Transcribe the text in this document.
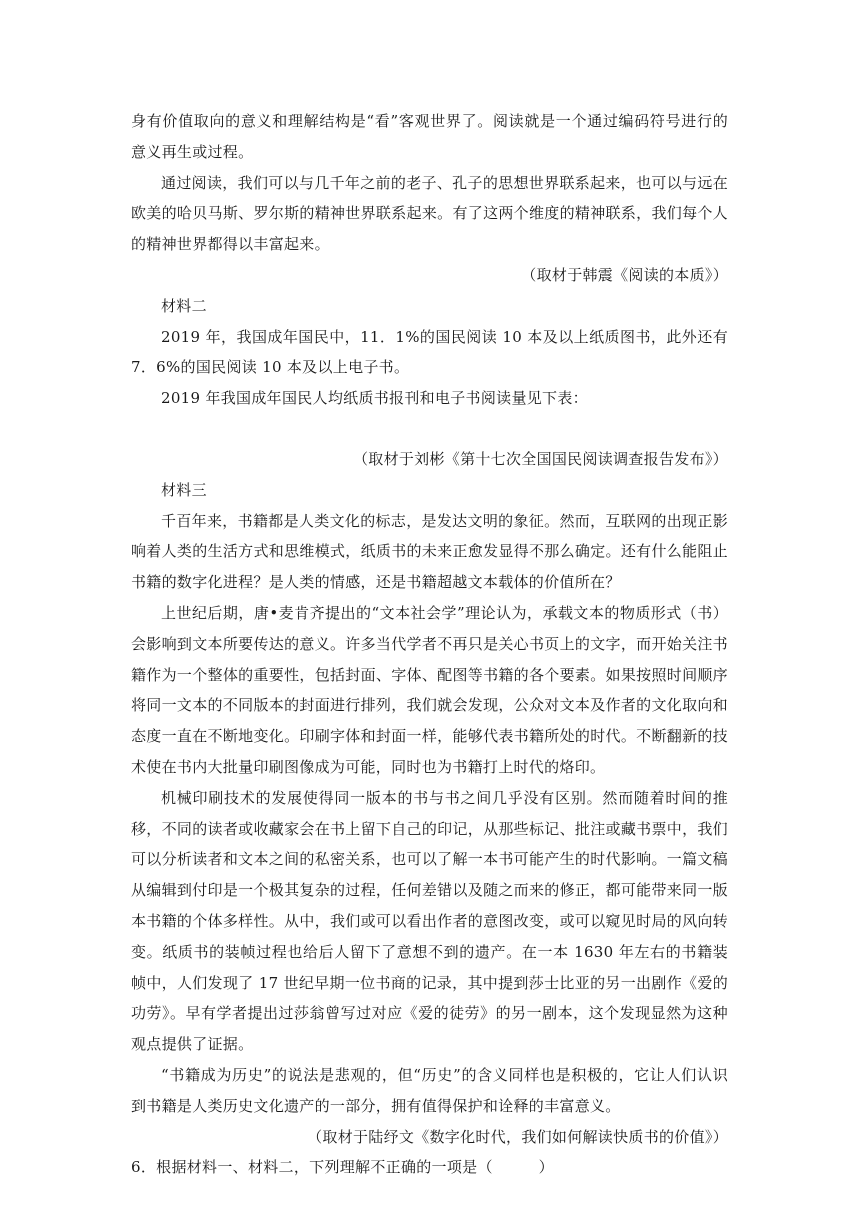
身有价值取向的意义和理解结构是“看”客观世界了。阅读就是一个通过编码符号进行的意义再生或过程。

通过阅读，我们可以与几千年之前的老子、孔子的思想世界联系起来，也可以与远在欧美的哈贝马斯、罗尔斯的精神世界联系起来。有了这两个维度的精神联系，我们每个人的精神世界都得以丰富起来。

（取材于韩震《阅读的本质》）

材料二

2019 年，我国成年国民中，11．1%的国民阅读 10 本及以上纸质图书，此外还有 7．6%的国民阅读 10 本及以上电子书。

2019 年我国成年国民人均纸质书报刊和电子书阅读量见下表：

（取材于刘彬《第十七次全国国民阅读调查报告发布》）

材料三

千百年来，书籍都是人类文化的标志，是发达文明的象征。然而，互联网的出现正影响着人类的生活方式和思维模式，纸质书的未来正愈发显得不那么确定。还有什么能阻止书籍的数字化进程？是人类的情感，还是书籍超越文本载体的价值所在？

上世纪后期，唐•麦肯齐提出的“文本社会学”理论认为，承载文本的物质形式（书）会影响到文本所要传达的意义。许多当代学者不再只是关心书页上的文字，而开始关注书籍作为一个整体的重要性，包括封面、字体、配图等书籍的各个要素。如果按照时间顺序将同一文本的不同版本的封面进行排列，我们就会发现，公众对文本及作者的文化取向和态度一直在不断地变化。印刷字体和封面一样，能够代表书籍所处的时代。不断翻新的技术使在书内大批量印刷图像成为可能，同时也为书籍打上时代的烙印。

机械印刷技术的发展使得同一版本的书与书之间几乎没有区别。然而随着时间的推移，不同的读者或收藏家会在书上留下自己的印记，从那些标记、批注或藏书票中，我们可以分析读者和文本之间的私密关系，也可以了解一本书可能产生的时代影响。一篇文稿从编辑到付印是一个极其复杂的过程，任何差错以及随之而来的修正，都可能带来同一版本书籍的个体多样性。从中，我们或可以看出作者的意图改变，或可以窥见时局的风向转变。纸质书的装帧过程也给后人留下了意想不到的遗产。在一本 1630 年左右的书籍装帧中，人们发现了 17 世纪早期一位书商的记录，其中提到莎士比亚的另一出剧作《爱的功劳》。早有学者提出过莎翁曾写过对应《爱的徒劳》的另一剧本，这个发现显然为这种观点提供了证据。

“书籍成为历史”的说法是悲观的，但“历史”的含义同样也是积极的，它让人们认识到书籍是人类历史文化遗产的一部分，拥有值得保护和诠释的丰富意义。

（取材于陆纾文《数字化时代，我们如何解读快质书的价值》）

6．根据材料一、材料二，下列理解不正确的一项是（　　　）
